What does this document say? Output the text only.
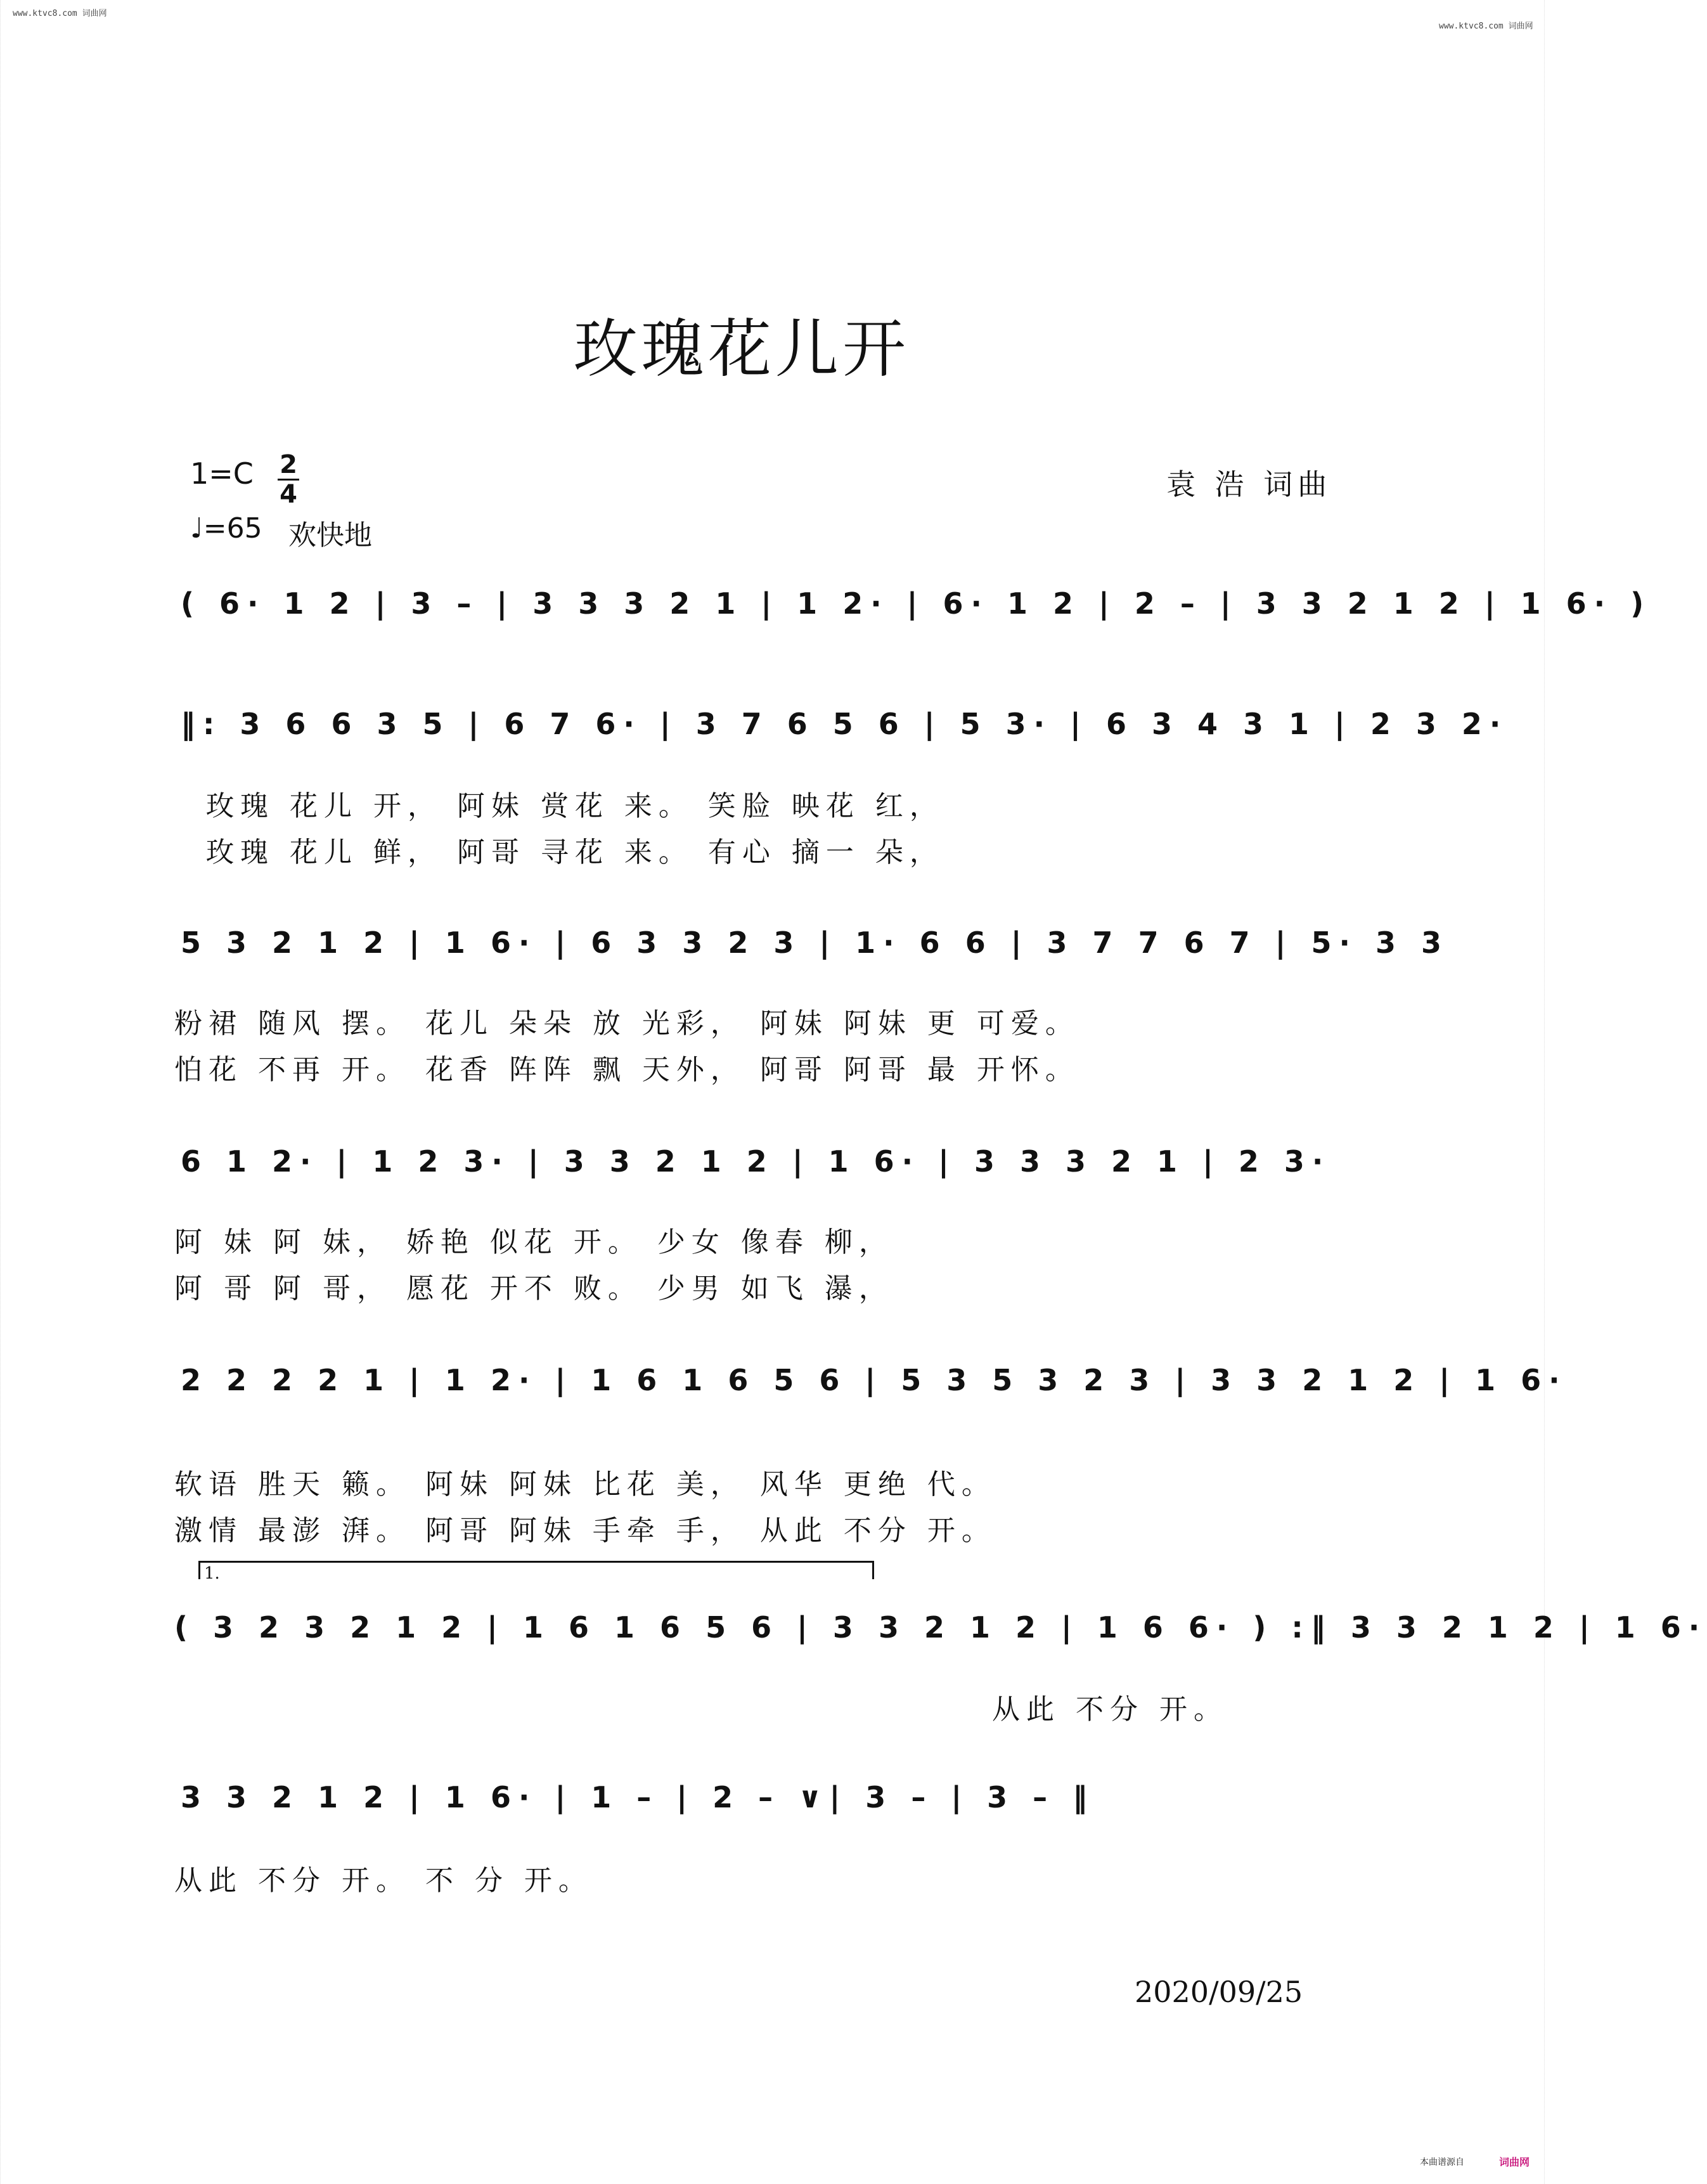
www.ktvc8.com 词曲网
www.ktvc8.com 词曲网
玫瑰花儿开
1=C 2
4	袁 浩 词曲
♩=65 欢快地
( 6· 1 2 | 3 – | 3 3 3 2 1 | 1 2· | 6· 1 2 | 2 – | 3 3 2 1 2 | 1 6· )
‖: 3 6 6 3 5 | 6 7 6· | 3 7 6 5 6 | 5 3· | 6 3 4 3 1 | 2 3 2·
玫瑰 花儿 开， 阿妹 赏花 来。 笑脸 映花 红，
玫瑰 花儿 鲜， 阿哥 寻花 来。 有心 摘一 朵，
5 3 2 1 2 | 1 6· | 6 3 3 2 3 | 1· 6 6 | 3 7 7 6 7 | 5· 3 3
粉裙 随风 摆。 花儿 朵朵 放 光彩， 阿妹 阿妹 更 可爱。
怕花 不再 开。 花香 阵阵 飘 天外， 阿哥 阿哥 最 开怀。
6 1 2· | 1 2 3· | 3 3 2 1 2 | 1 6· | 3 3 3 2 1 | 2 3·
阿 妹 阿 妹， 娇艳 似花 开。 少女 像春 柳，
阿 哥 阿 哥， 愿花 开不 败。 少男 如飞 瀑，
2 2 2 2 1 | 1 2· | 1 6 1 6 5 6 | 5 3 5 3 2 3 | 3 3 2 1 2 | 1 6·
软语 胜天 籁。 阿妹 阿妹 比花 美， 风华 更绝 代。
激情 最澎 湃。 阿哥 阿妹 手牵 手， 从此 不分 开。
1.
( 3 2 3 2 1 2 | 1 6 1 6 5 6 | 3 3 2 1 2 | 1 6 6· ) :‖ 3 3 2 1 2 | 1 6·
从此 不分 开。
3 3 2 1 2 | 1 6· | 1 – | 2 – ∨| 3 – | 3 – ‖
从此 不分 开。 不 分 开。
2020/09/25
本曲谱源自	词曲网
